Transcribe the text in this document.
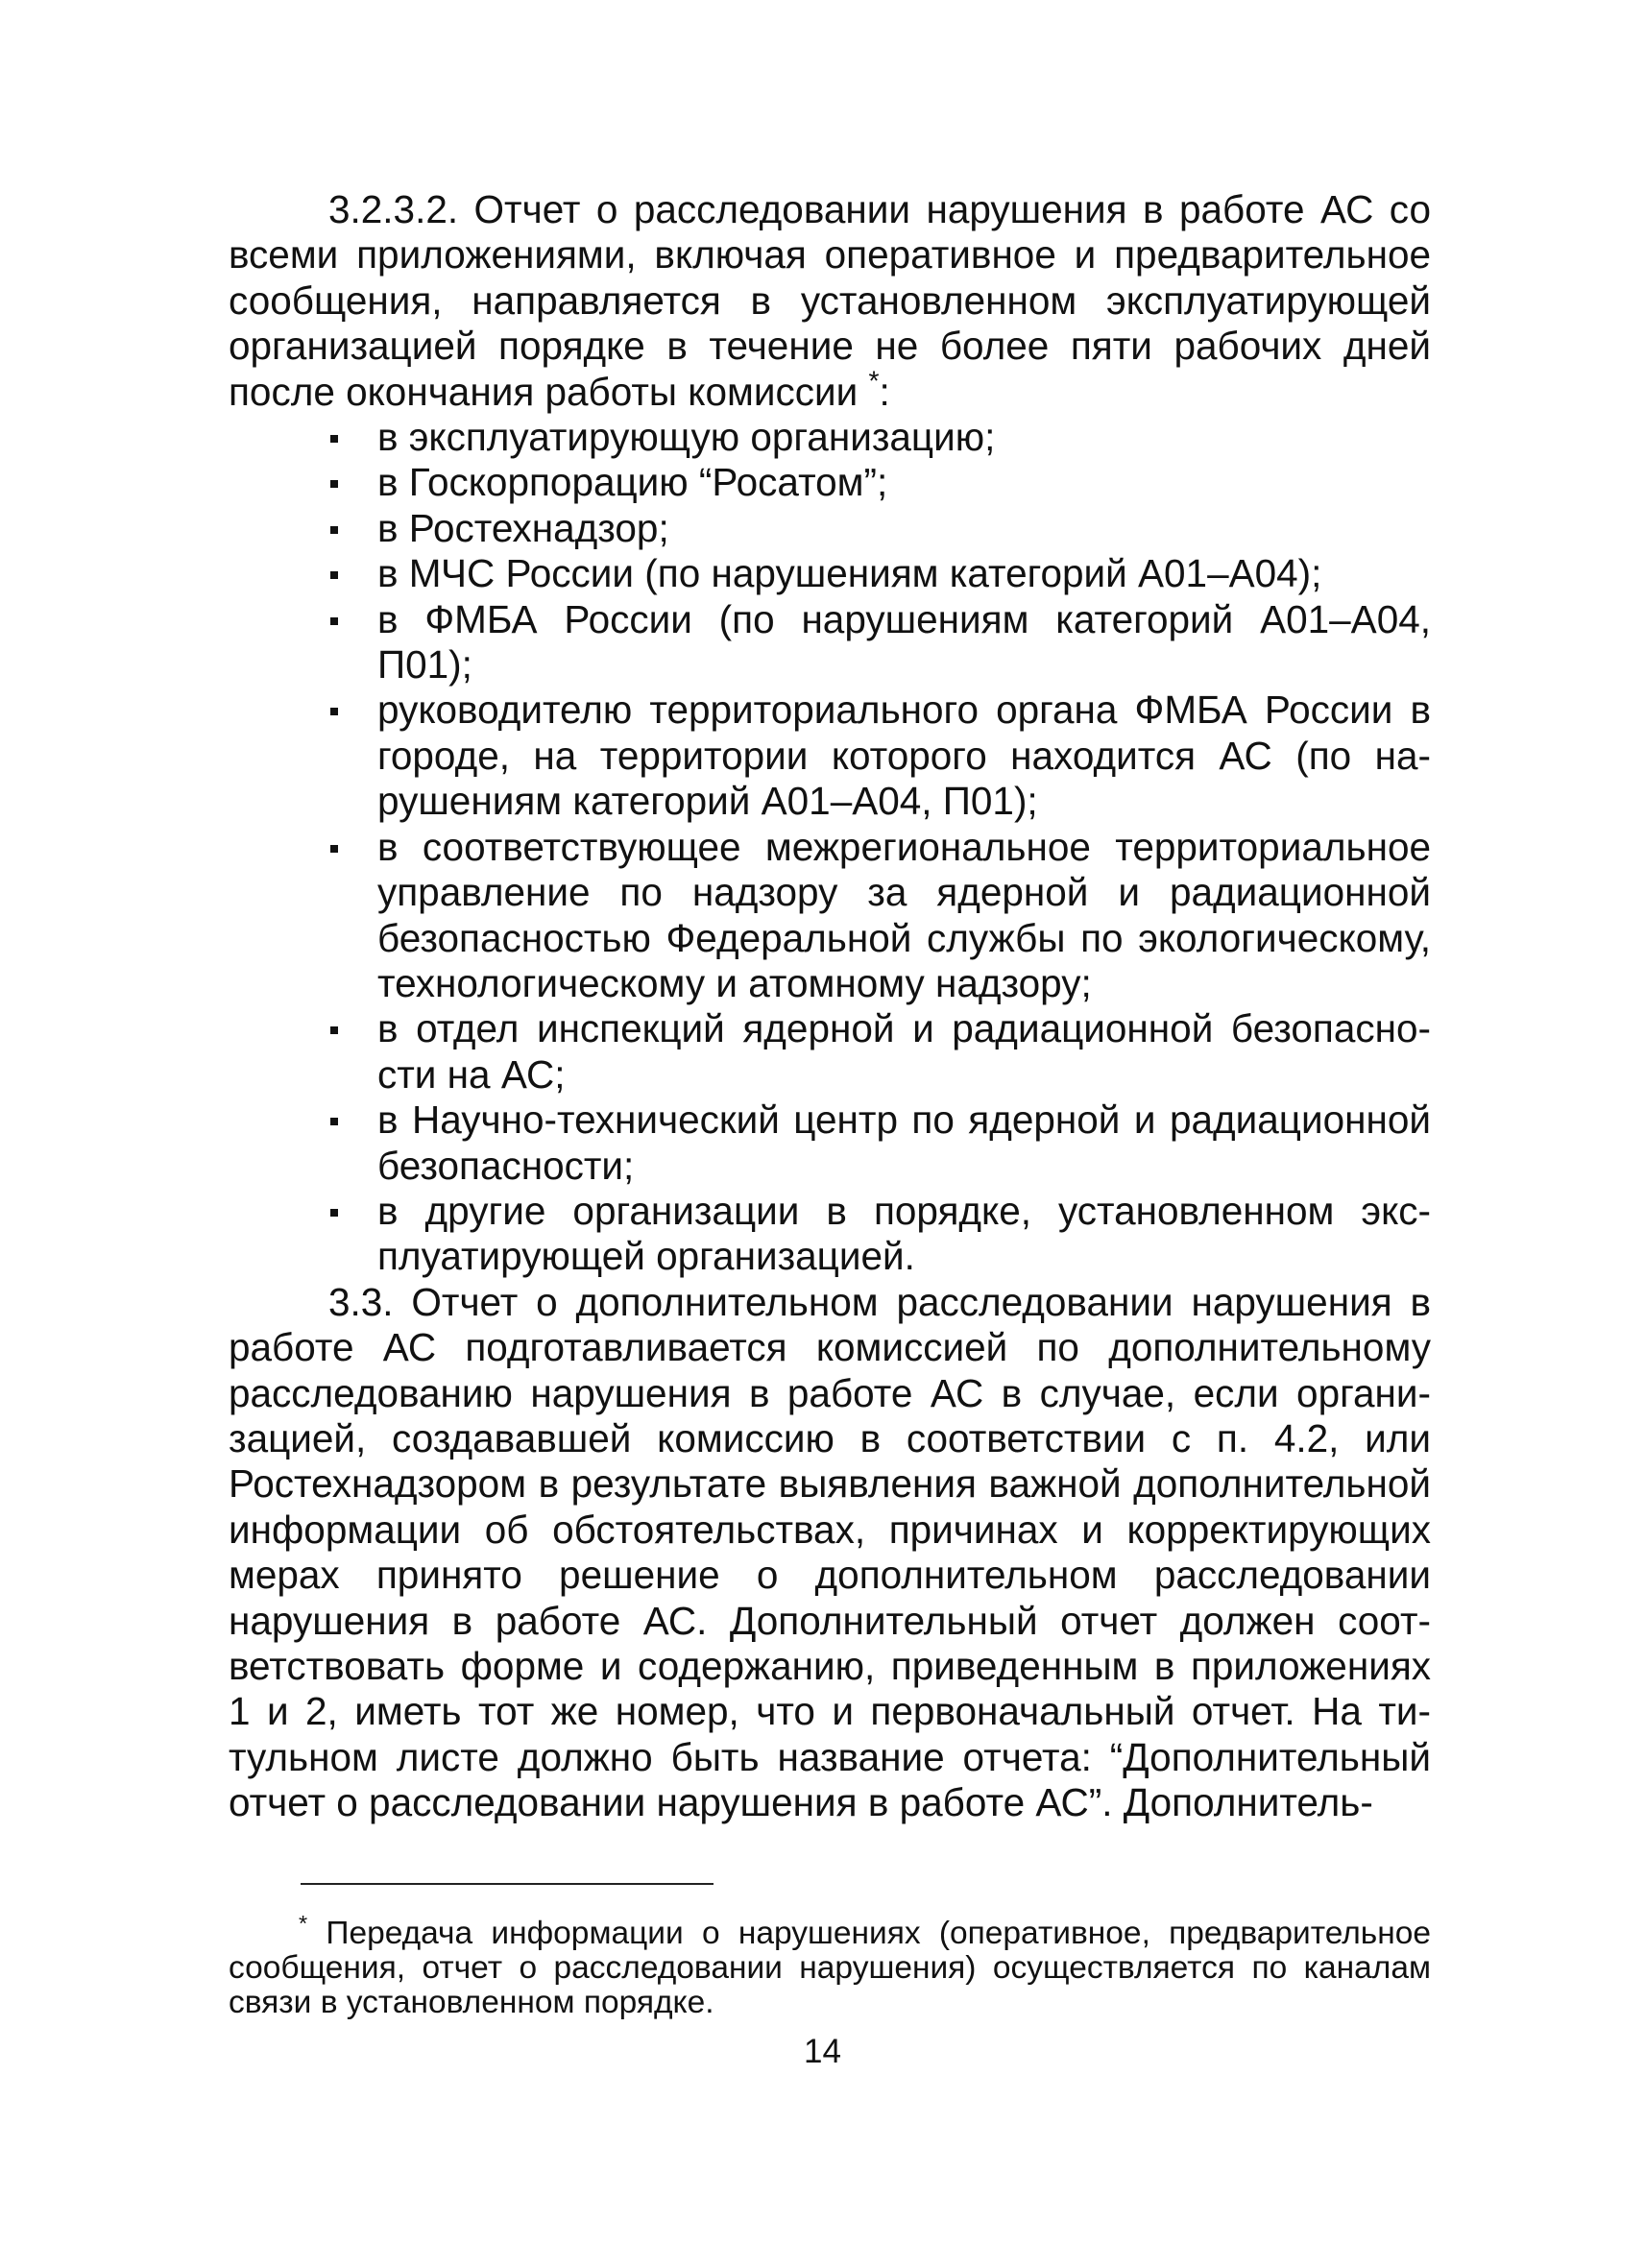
3.2.3.2. Отчет о расследовании нарушения в работе АС со всеми приложениями, включая оперативное и предварительное сообщения, направляется в установленном эксплуатирующей организацией порядке в течение не более пяти рабочих дней после окончания работы комиссии *:

в эксплуатирующую организацию;
в Госкорпорацию “Росатом”;
в Ростехнадзор;
в МЧС России (по нарушениям категорий А01–А04);
в ФМБА России (по нарушениям категорий А01–А04, П01);
руководителю территориального органа ФМБА России в городе, на территории которого находится АС (по нарушениям категорий А01–А04, П01);
в соответствующее межрегиональное территориальное управление по надзору за ядерной и радиационной безопасностью Федеральной службы по экологическому, технологическому и атомному надзору;
в отдел инспекций ядерной и радиационной безопасности на АС;
в Научно-технический центр по ядерной и радиационной безопасности;
в другие организации в порядке, установленном эксплуатирующей организацией.

3.3. Отчет о дополнительном расследовании нарушения в работе АС подготавливается комиссией по дополнительному расследованию нарушения в работе АС в случае, если организацией, создававшей комиссию в соответствии с п. 4.2, или Ростехнадзором в результате выявления важной дополнительной информации об обстоятельствах, причинах и корректирующих мерах принято решение о дополнительном расследовании нарушения в работе АС. Дополнительный отчет должен соответствовать форме и содержанию, приведенным в приложениях 1 и 2, иметь тот же номер, что и первоначальный отчет. На титульном листе должно быть название отчета: “Дополнительный отчет о расследовании нарушения в работе АС”. Дополнитель-

* Передача информации о нарушениях (оперативное, предварительное сообщения, отчет о расследовании нарушения) осуществляется по каналам связи в установленном порядке.
14
